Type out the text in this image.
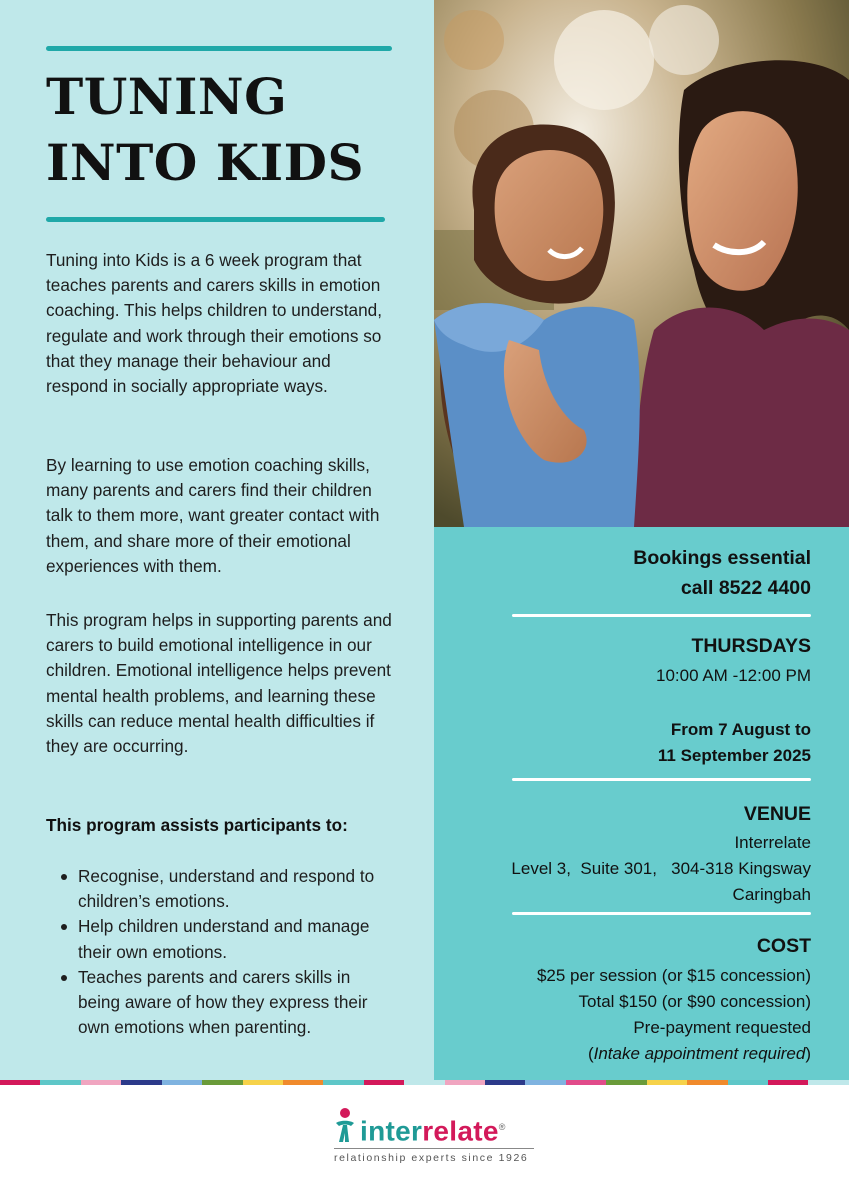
TUNING
INTO KIDS

Tuning into Kids is a 6 week program that teaches parents and carers skills in emotion coaching. This helps children to understand, regulate and work through their emotions so that they manage their behaviour and respond in socially appropriate ways.

By learning to use emotion coaching skills, many parents and carers find their children talk to them more, want greater contact with them, and share more of their emotional experiences with them.

This program helps in supporting parents and carers to build emotional intelligence in our children. Emotional intelligence helps prevent mental health problems, and learning these skills can reduce mental health difficulties if they are occurring.

This program assists participants to:
Recognise, understand and respond to children’s emotions.
Help children understand and manage their own emotions.
Teaches parents and carers skills in being aware of how they express their own emotions when parenting.
Bookings essential
call 8522 4400
THURSDAYS
10:00 AM -12:00 PM
From 7 August to
11 September 2025
VENUE
Interrelate
Level 3,  Suite 301,   304-318 Kingsway
Caringbah
COST
$25 per session (or $15 concession)
Total $150 (or $90 concession)
Pre-payment requested
(Intake appointment required)
interrelate®
relationship experts since 1926
